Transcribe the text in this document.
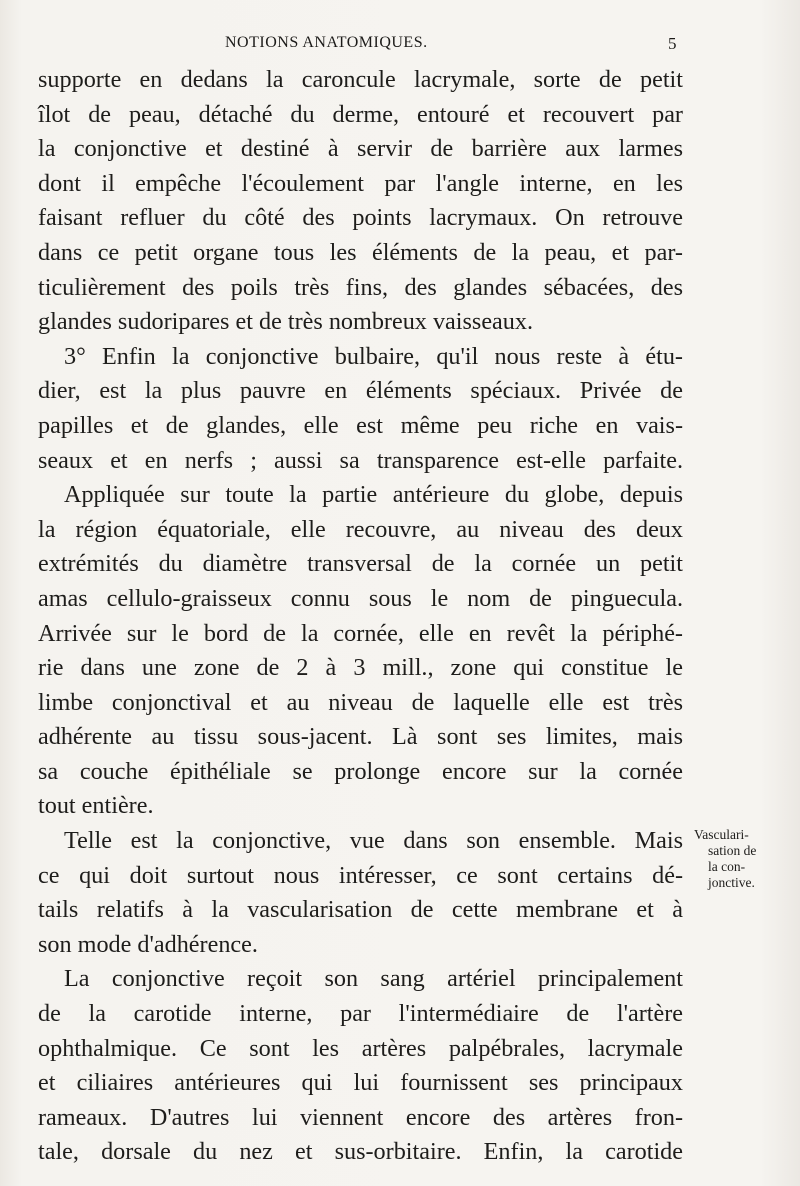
NOTIONS ANATOMIQUES.	5
supporte en dedans la caroncule lacrymale, sorte de petit
îlot de peau, détaché du derme, entouré et recouvert par
la conjonctive et destiné à servir de barrière aux larmes
dont il empêche l'écoulement par l'angle interne, en les
faisant refluer du côté des points lacrymaux. On retrouve
dans ce petit organe tous les éléments de la peau, et par-
ticulièrement des poils très fins, des glandes sébacées, des
glandes sudoripares et de très nombreux vaisseaux.
3° Enfin la conjonctive bulbaire, qu'il nous reste à étu-
dier, est la plus pauvre en éléments spéciaux. Privée de
papilles et de glandes, elle est même peu riche en vais-
seaux et en nerfs ; aussi sa transparence est-elle parfaite.
Appliquée sur toute la partie antérieure du globe, depuis
la région équatoriale, elle recouvre, au niveau des deux
extrémités du diamètre transversal de la cornée un petit
amas cellulo-graisseux connu sous le nom de pinguecula.
Arrivée sur le bord de la cornée, elle en revêt la périphé-
rie dans une zone de 2 à 3 mill., zone qui constitue le
limbe conjonctival et au niveau de laquelle elle est très
adhérente au tissu sous-jacent. Là sont ses limites, mais
sa couche épithéliale se prolonge encore sur la cornée
tout entière.
Telle est la conjonctive, vue dans son ensemble. Mais
ce qui doit surtout nous intéresser, ce sont certains dé-
tails relatifs à la vascularisation de cette membrane et à
son mode d'adhérence.
La conjonctive reçoit son sang artériel principalement
de la carotide interne, par l'intermédiaire de l'artère
ophthalmique. Ce sont les artères palpébrales, lacrymale
et ciliaires antérieures qui lui fournissent ses principaux
rameaux. D'autres lui viennent encore des artères fron-
tale, dorsale du nez et sus-orbitaire. Enfin, la carotide
Vasculari-
sation de
la con-
jonctive.
